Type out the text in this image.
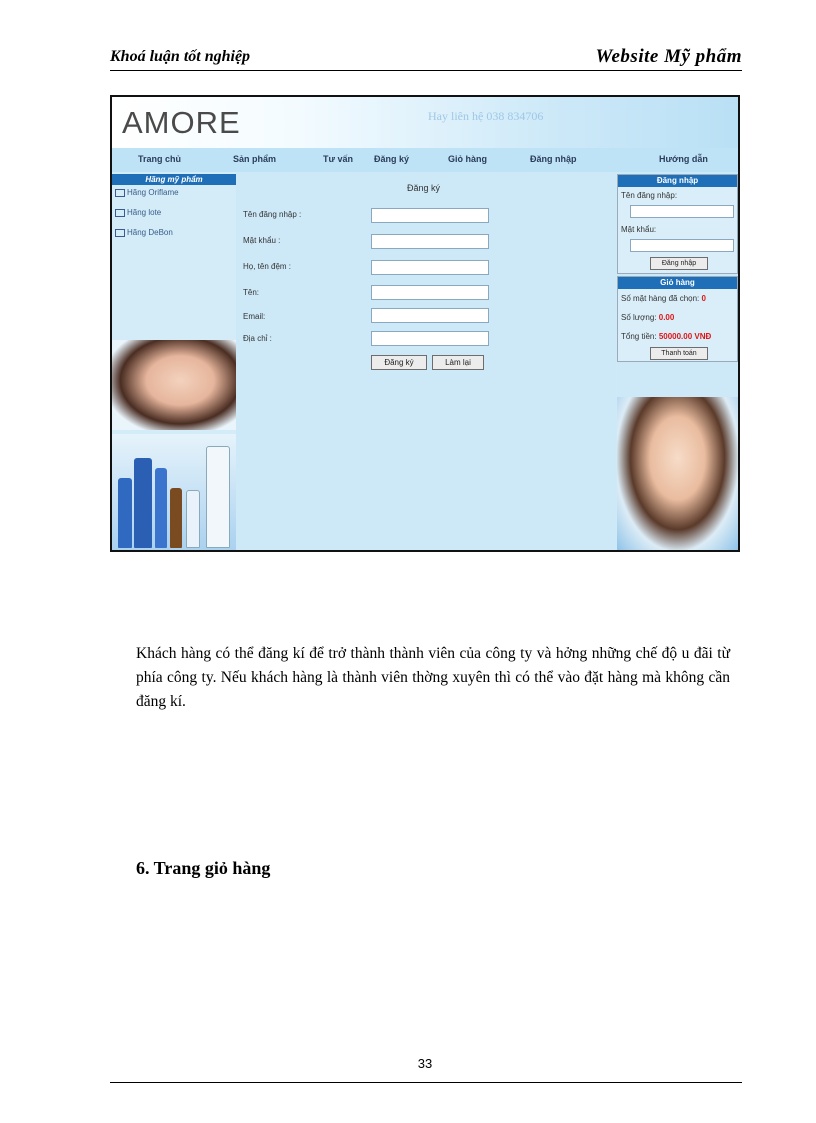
Khoá luận tốt nghiệp	Website Mỹ phẩm
AMORE	Hay liên hệ 038 834706
Trang chủ	Sản phẩm	Tư vấn Đăng ký	Giỏ hàng	Đăng nhập	Hướng dẫn
Hãng mỹ phẩm
Hãng Oriflame
Hãng lote
Hãng DeBon
Đăng ký
Tên đăng nhập :
Mật khẩu :
Họ, tên đệm :
Tên:
Email:
Địa chỉ :
Đăng ký	Làm lại
Đăng nhập
Tên đăng nhập:
Mật khẩu:
Đăng nhập
Giỏ hàng
Số mặt hàng đã chọn: 0
Số lượng: 0.00
Tổng tiền: 50000.00 VNĐ
Thanh toán
Khách hàng có thể đăng kí để trở thành thành viên của công ty và hởng những chế độ u đãi từ phía công ty. Nếu khách hàng là thành viên thờng xuyên thì có thể vào đặt hàng mà không cần đăng kí.
6. Trang giỏ hàng
33
